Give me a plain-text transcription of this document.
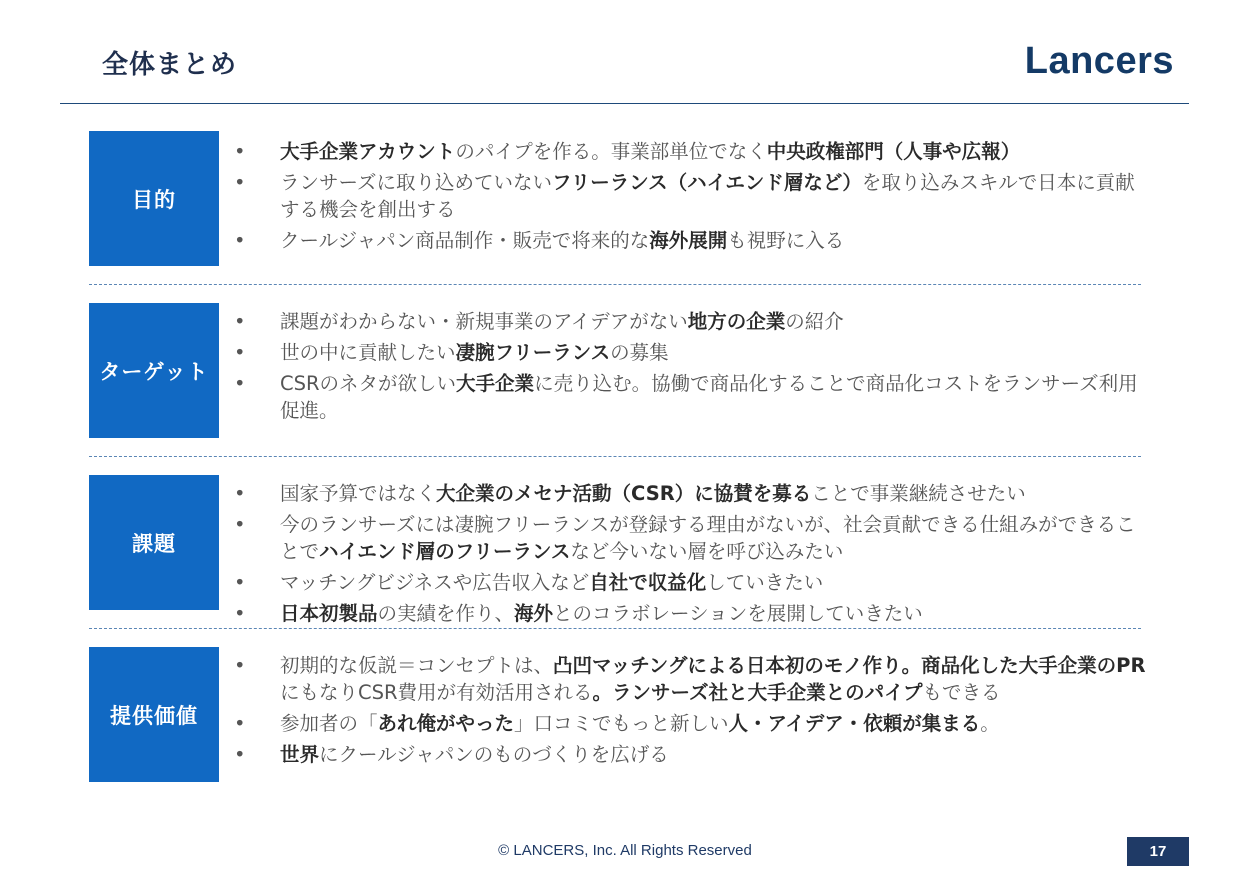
全体まとめ	Lancers
目的
• 大手企業アカウントのパイプを作る。事業部単位でなく中央政権部門（人事や広報）
• ランサーズに取り込めていないフリーランス（ハイエンド層など）を取り込みスキルで日本に貢献する機会を創出する
• クールジャパン商品制作・販売で将来的な海外展開も視野に入る
ターゲット
• 課題がわからない・新規事業のアイデアがない地方の企業の紹介
• 世の中に貢献したい凄腕フリーランスの募集
• CSRのネタが欲しい大手企業に売り込む。協働で商品化することで商品化コストをランサーズ利用促進。
課題
• 国家予算ではなく大企業のメセナ活動（CSR）に協賛を募ることで事業継続させたい
• 今のランサーズには凄腕フリーランスが登録する理由がないが、社会貢献できる仕組みができることでハイエンド層のフリーランスなど今いない層を呼び込みたい
• マッチングビジネスや広告収入など自社で収益化していきたい
• 日本初製品の実績を作り、海外とのコラボレーションを展開していきたい
提供価値
• 初期的な仮説＝コンセプトは、凸凹マッチングによる日本初のモノ作り。商品化した大手企業のPRにもなりCSR費用が有効活用される。ランサーズ社と大手企業とのパイプもできる
• 参加者の「あれ俺がやった」口コミでもっと新しい人・アイデア・依頼が集まる。
• 世界にクールジャパンのものづくりを広げる
© LANCERS, Inc. All Rights Reserved	17
